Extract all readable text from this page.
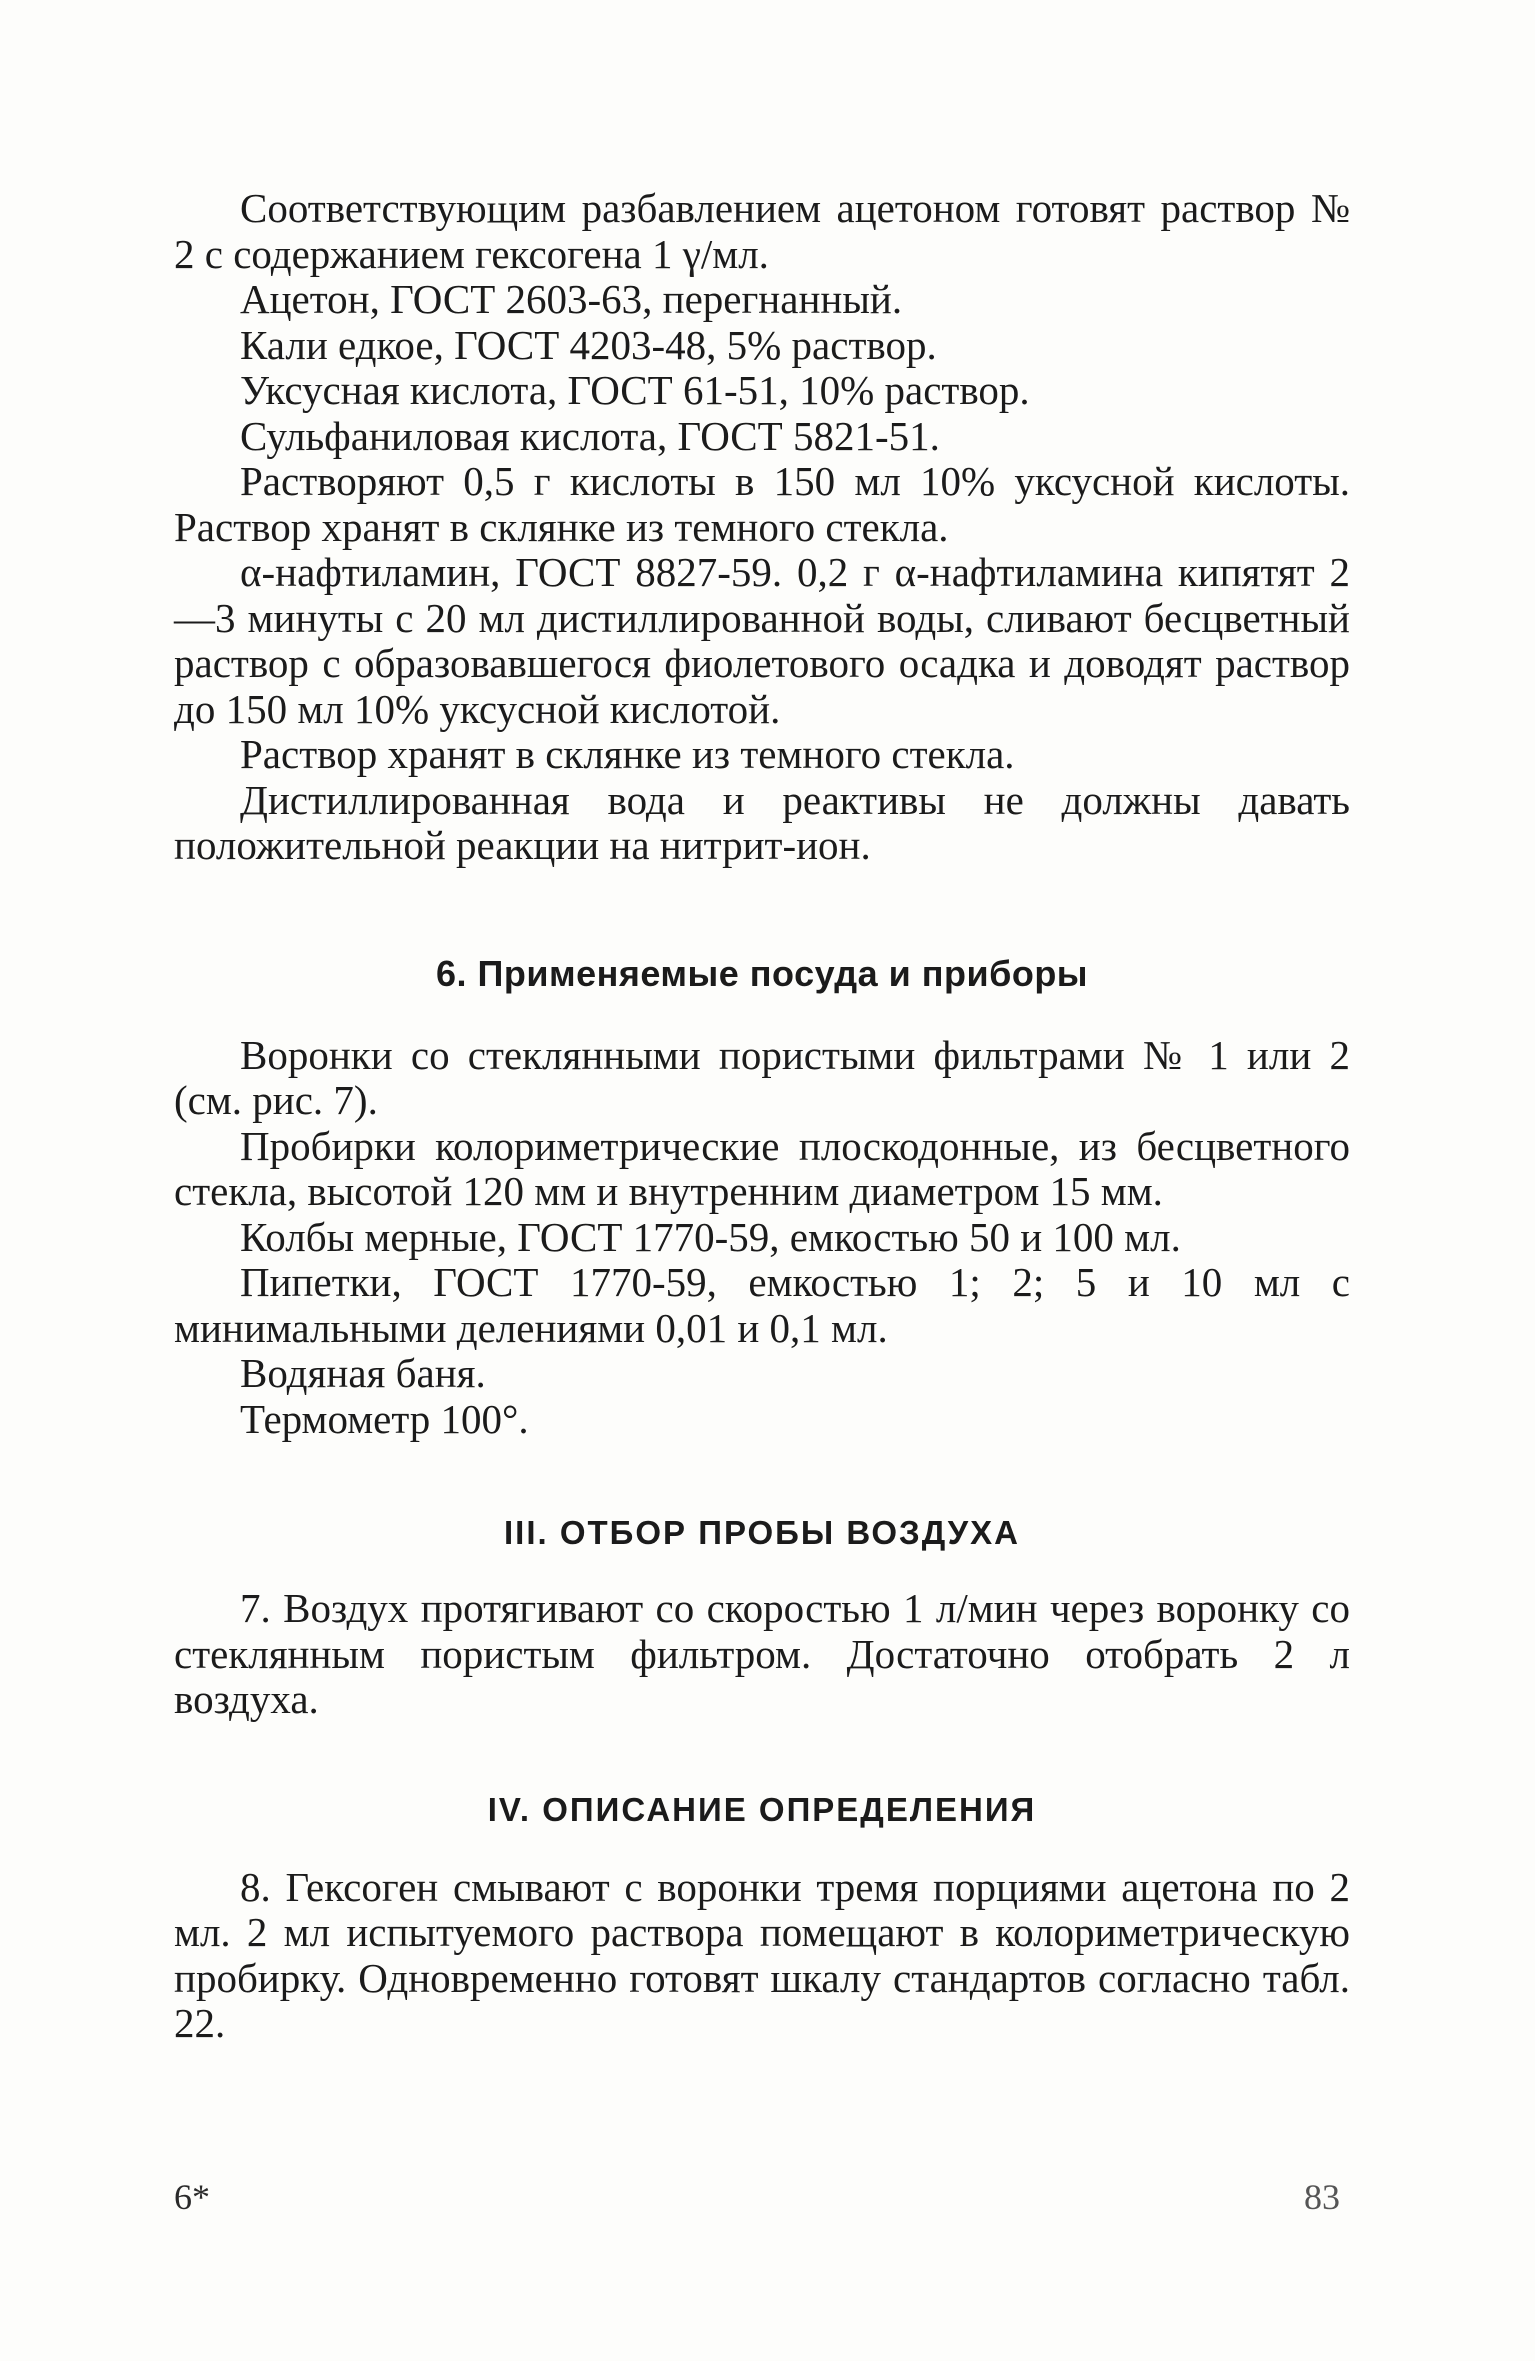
Соответствующим разбавлением ацетоном готовят раствор № 2 с содержанием гексогена 1 γ/мл.

Ацетон, ГОСТ 2603-63, перегнанный.

Кали едкое, ГОСТ 4203-48, 5% раствор.

Уксусная кислота, ГОСТ 61-51, 10% раствор.

Сульфаниловая кислота, ГОСТ 5821-51.

Растворяют 0,5 г кислоты в 150 мл 10% уксусной кислоты. Раствор хранят в склянке из темного стекла.

α-нафтиламин, ГОСТ 8827-59. 0,2 г α-нафтиламина кипятят 2—3 минуты с 20 мл дистиллированной воды, сливают бесцветный раствор с образовавшегося фиолетового осадка и доводят раствор до 150 мл 10% уксусной кислотой.

Раствор хранят в склянке из темного стекла.

Дистиллированная вода и реактивы не должны давать положительной реакции на нитрит-ион.

6. Применяемые посуда и приборы

Воронки со стеклянными пористыми фильтрами № 1 или 2 (см. рис. 7).

Пробирки колориметрические плоскодонные, из бесцветного стекла, высотой 120 мм и внутренним диаметром 15 мм.

Колбы мерные, ГОСТ 1770-59, емкостью 50 и 100 мл.

Пипетки, ГОСТ 1770-59, емкостью 1; 2; 5 и 10 мл с минимальными делениями 0,01 и 0,1 мл.

Водяная баня.

Термометр 100°.

III. ОТБОР ПРОБЫ ВОЗДУХА

7. Воздух протягивают со скоростью 1 л/мин через воронку со стеклянным пористым фильтром. Достаточно отобрать 2 л воздуха.

IV. ОПИСАНИЕ ОПРЕДЕЛЕНИЯ

8. Гексоген смывают с воронки тремя порциями ацетона по 2 мл. 2 мл испытуемого раствора помещают в колориметрическую пробирку. Одновременно готовят шкалу стандартов согласно табл. 22.

6*	83
